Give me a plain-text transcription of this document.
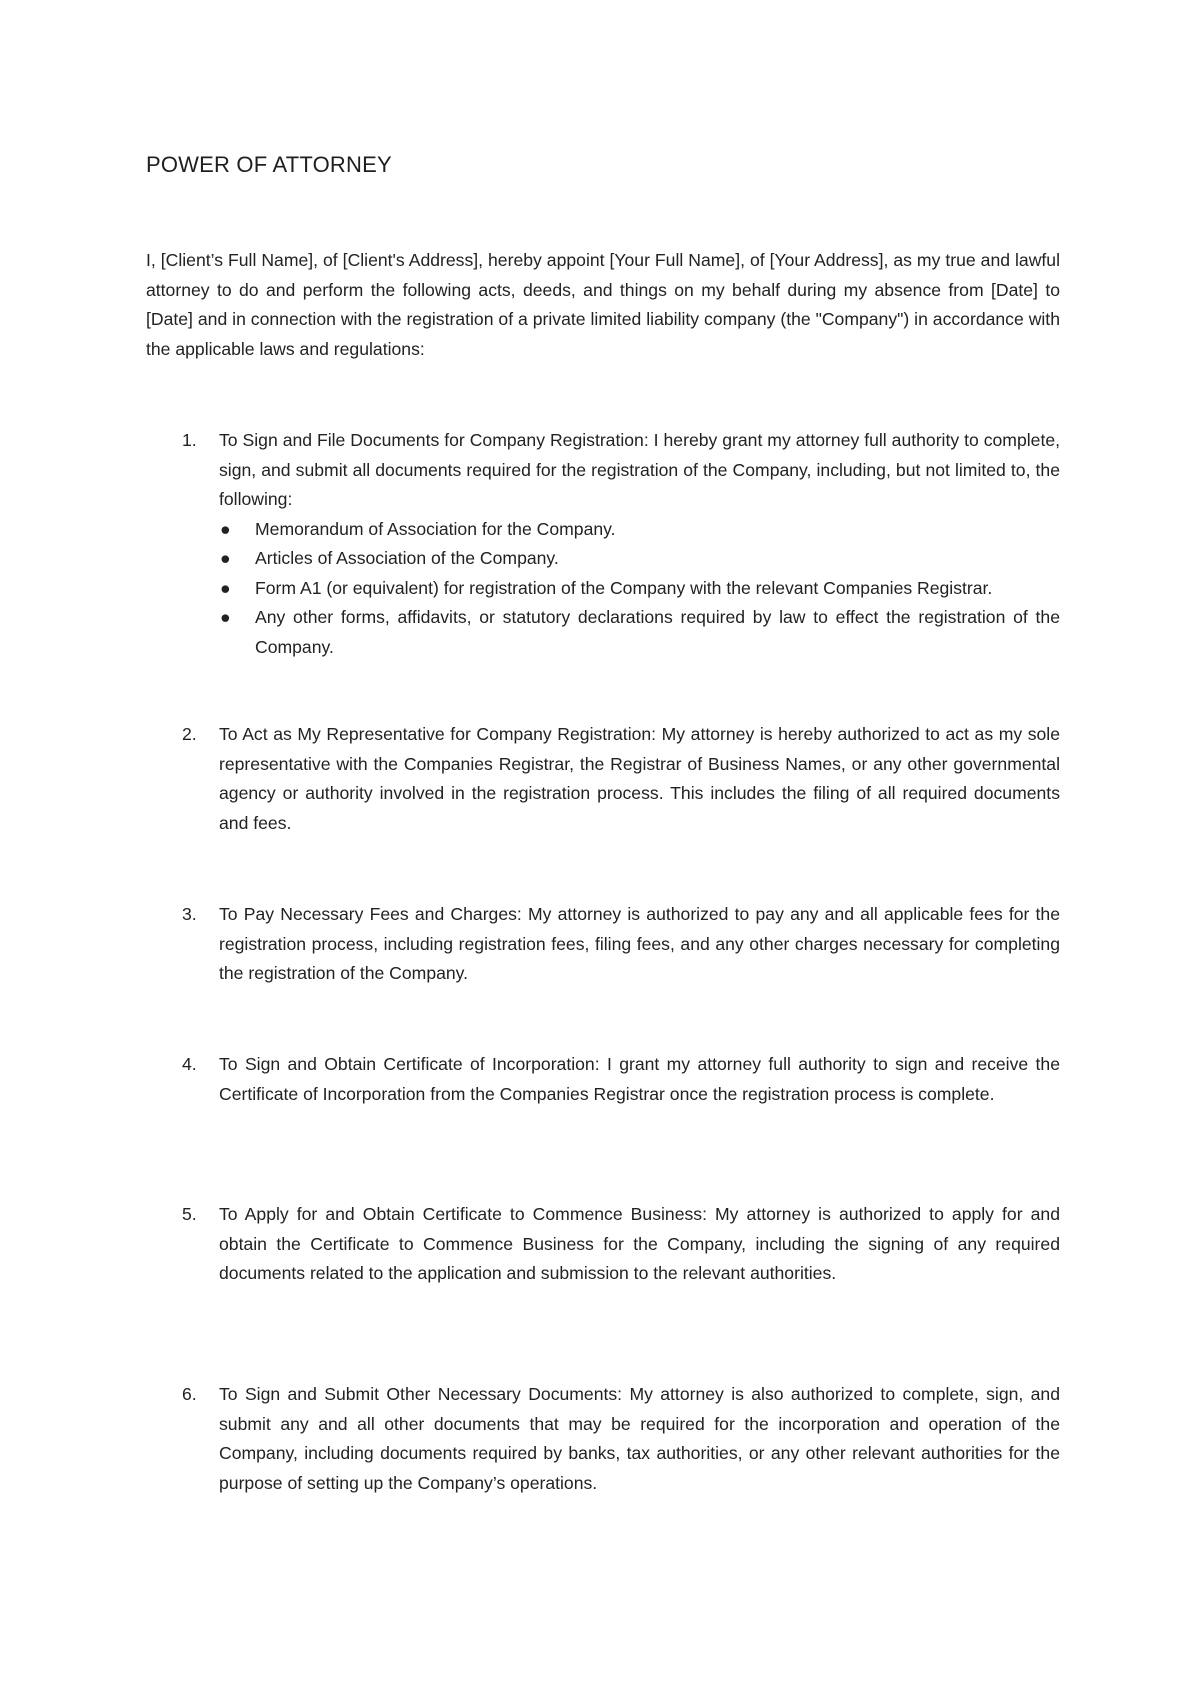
POWER OF ATTORNEY

I, [Client’s Full Name], of [Client's Address], hereby appoint [Your Full Name], of [Your Address], as my true and lawful attorney to do and perform the following acts, deeds, and things on my behalf during my absence from [Date] to [Date] and in connection with the registration of a private limited liability company (the "Company") in accordance with the applicable laws and regulations:

1. To Sign and File Documents for Company Registration: I hereby grant my attorney full authority to complete, sign, and submit all documents required for the registration of the Company, including, but not limited to, the following:
● Memorandum of Association for the Company.
● Articles of Association of the Company.
● Form A1 (or equivalent) for registration of the Company with the relevant Companies Registrar.
● Any other forms, affidavits, or statutory declarations required by law to effect the registration of the Company.
2. To Act as My Representative for Company Registration: My attorney is hereby authorized to act as my sole representative with the Companies Registrar, the Registrar of Business Names, or any other governmental agency or authority involved in the registration process. This includes the filing of all required documents and fees.
3. To Pay Necessary Fees and Charges: My attorney is authorized to pay any and all applicable fees for the registration process, including registration fees, filing fees, and any other charges necessary for completing the registration of the Company.
4. To Sign and Obtain Certificate of Incorporation: I grant my attorney full authority to sign and receive the Certificate of Incorporation from the Companies Registrar once the registration process is complete.
5. To Apply for and Obtain Certificate to Commence Business: My attorney is authorized to apply for and obtain the Certificate to Commence Business for the Company, including the signing of any required documents related to the application and submission to the relevant authorities.
6. To Sign and Submit Other Necessary Documents: My attorney is also authorized to complete, sign, and submit any and all other documents that may be required for the incorporation and operation of the Company, including documents required by banks, tax authorities, or any other relevant authorities for the purpose of setting up the Company’s operations.
